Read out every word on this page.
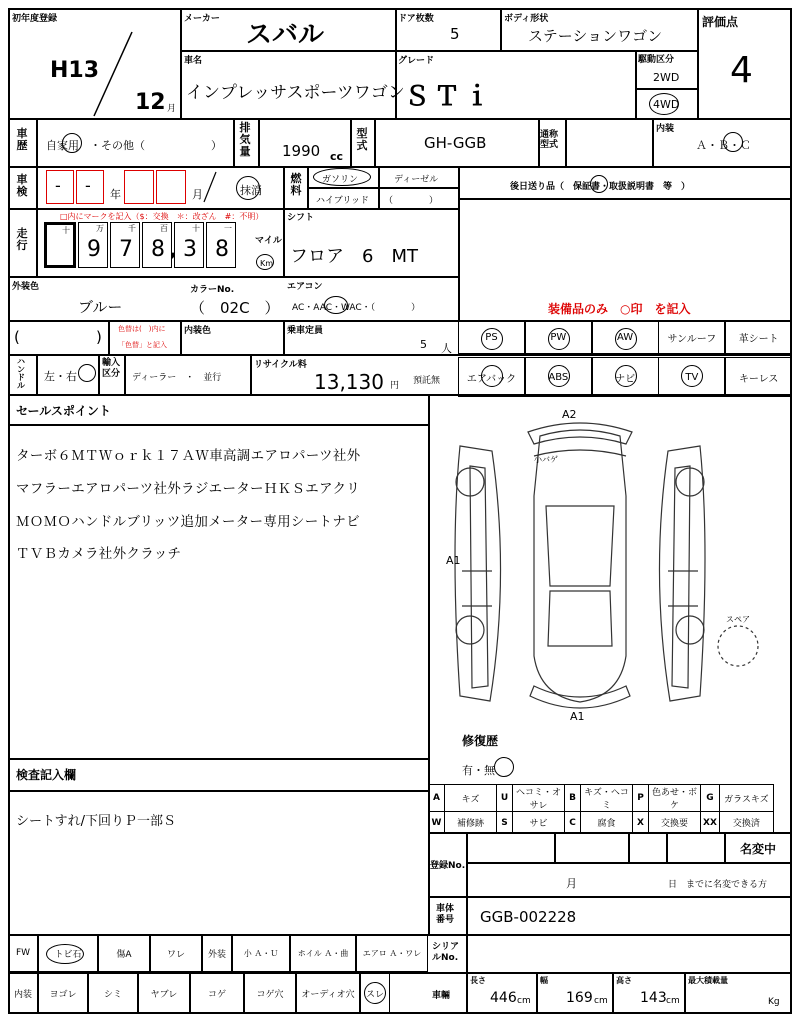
初年度登録
H13
12 月
メーカー
スバル
ドア枚数
5
ボディ形状
ステーションワゴン
評価点
4
車名
インプレッサスポーツワゴン
グレード
ＳＴｉ
駆動区分
2WD
4WD
車歴 自家用　・その他（　　　　　　）
排気量 1990 cc
型式	GH-GGB	通称型式
内装
Ａ・Ｂ・Ｃ
車検 - - 年	月	抹消
燃料
ガソリン	ディーゼル
ハイブリッド （　　　　）
後日送り品（　保証書・取扱説明書　等　）
走行
□内にマークを記入（$：交換　＊：改ざん　#：不明）
十	万
9
千
7
百
8
十
3
一
8
,	マイル
Km
シフト
フロア　6　MT
外装色
ブルー
カラーNo.
（　02C　）
エアコン
AC・AAC・WAC・（　　　　）	装備品のみ　○印　を記入
(	) 色替は(　)内に
「色替」と記入
内装色	乗車定員
5 人
PS	PW	AW	サンルーフ	革シート
エアバック	ABS	ナビ	TV	キーレス
ハンドル
左・右
輸入区分 ディーラー　・　並行
リサイクル料
13,130 円 預託無
セールスポイント
ターボ６ＭＴＷｏｒｋ１７ＡＷ車高調エアロパーツ社外
マフラーエアロパーツ社外ラジエーターＨＫＳエアクリ
ＭＯＭＯハンドルブリッツ追加メーター専用シートナビ
ＴＶＢカメラ社外クラッチ
A2
A1
A1
小バゲ
スペア
修復歴
有・無
検査記入欄
シートすれ/下回りＰ一部Ｓ
A	キズ	U	ヘコミ・オサレ	B	キズ・ヘコミ	P	色あせ・ボケ	G	ガラスキズ
W	補修跡	S	サビ	C	腐食	X	交換要	XX	交換済
登録No.
名変中
月	日　までに名変できる方
車体番号	GGB-002228
FW	トビ石	傷A	ワレ	外装	小 Ａ・Ｕ	ホイル Ａ・曲	エアロ Ａ・ワレ
内装	ヨゴレ	シミ	ヤブレ	コゲ	コゲ穴	オーディオ穴	スレ
シリアルNo.
車輛
長さ
446 cm
幅
169 cm
高さ
143 cm
最大積載量
Kg
